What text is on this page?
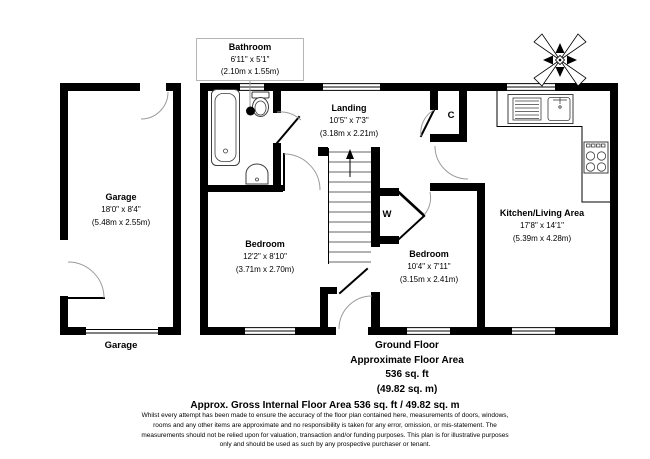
Bathroom
6'11" x 5'1"
(2.10m x 1.55m)
Garage
18'0" x 8'4"
(5.48m x 2.55m)
Landing
10'5" x 7'3"
(3.18m x 2.21m)
Bedroom
12'2" x 8'10"
(3.71m x 2.70m)
Bedroom
10'4" x 7'11"
(3.15m x 2.41m)
Kitchen/Living Area
17'8" x 14'1"
(5.39m x 4.28m)
C
W
Garage	Ground Floor
Approximate Floor Area
536 sq. ft
(49.82 sq. m)
Approx. Gross Internal Floor Area 536 sq. ft / 49.82 sq. m
Whilst every attempt has been made to ensure the accuracy of the floor plan contained here, measurements of doors, windows,
rooms and any other items are approximate and no responsibility is taken for any error, omission, or mis-statement. The
measurements should not be relied upon for valuation, transaction and/or funding purposes. This plan is for illustrative purposes
only and should be used as such by any prospective purchaser or tenant.
